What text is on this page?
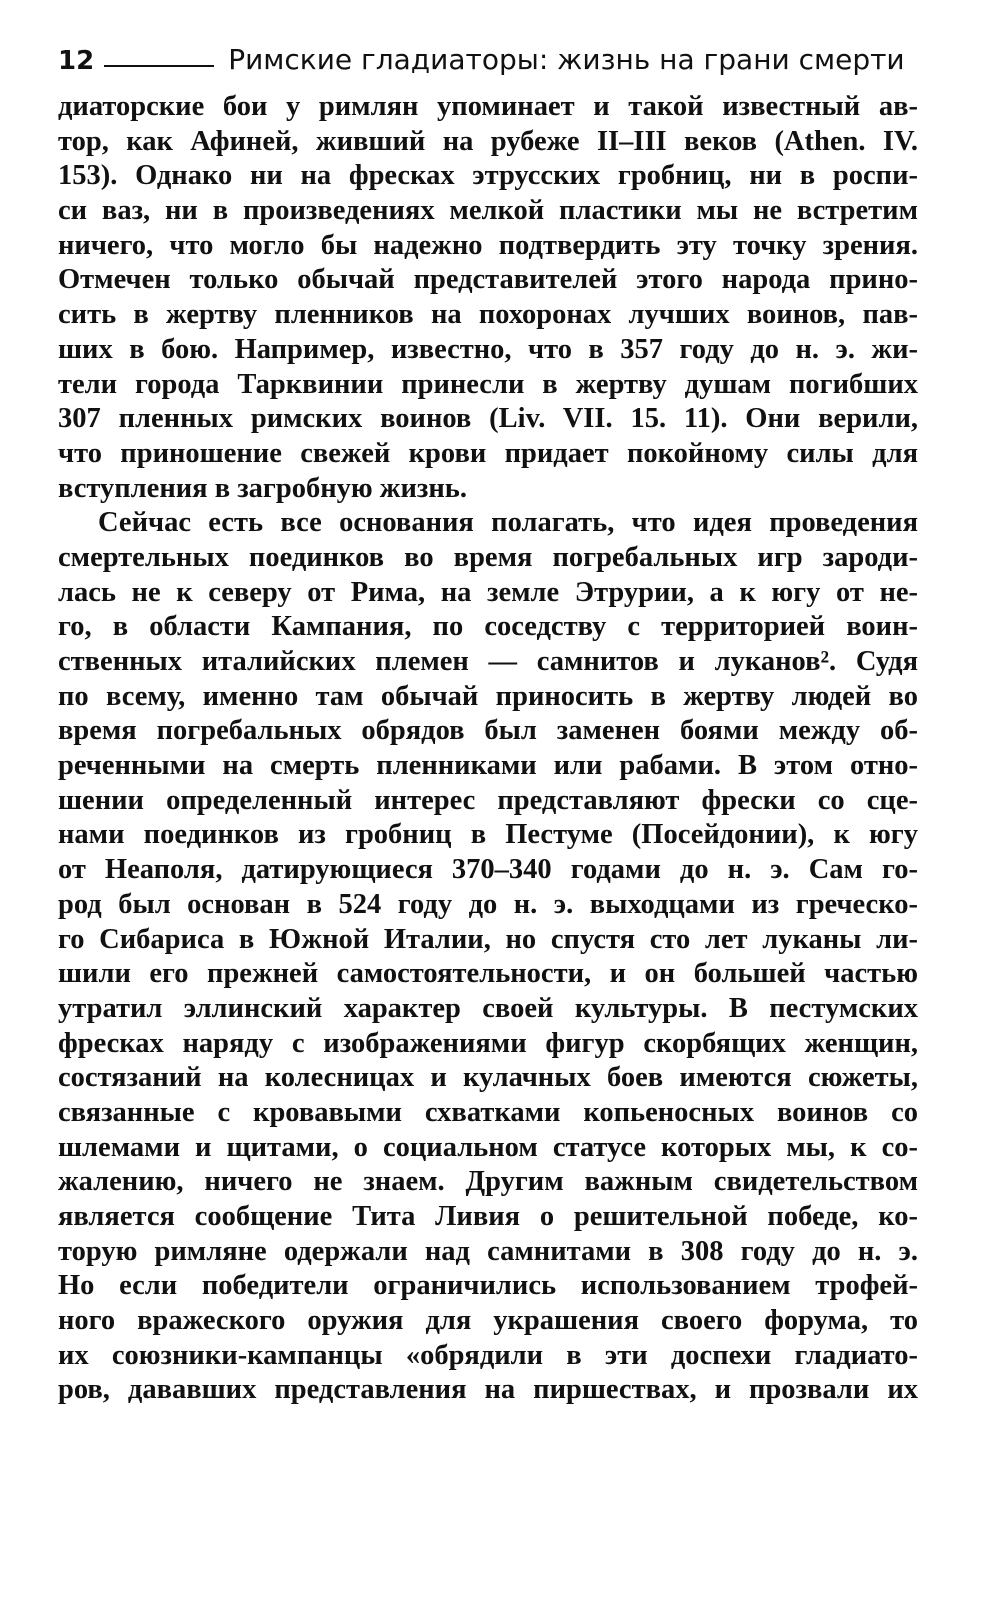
12	Римские гладиаторы: жизнь на грани смерти
диаторские бои у римлян упоминает и такой известный ав-
тор, как Афиней, живший на рубеже II–III веков (Athen. IV.
153). Однако ни на фресках этрусских гробниц, ни в роспи-
си ваз, ни в произведениях мелкой пластики мы не встретим
ничего, что могло бы надежно подтвердить эту точку зрения.
Отмечен только обычай представителей этого народа прино-
сить в жертву пленников на похоронах лучших воинов, пав-
ших в бою. Например, известно, что в 357 году до н. э. жи-
тели города Тарквинии принесли в жертву душам погибших
307 пленных римских воинов (Liv. VII. 15. 11). Они верили,
что приношение свежей крови придает покойному силы для
вступления в загробную жизнь.
Сейчас есть все основания полагать, что идея проведения
смертельных поединков во время погребальных игр зароди-
лась не к северу от Рима, на земле Этрурии, а к югу от не-
го, в области Кампания, по соседству с территорией воин-
ственных италийских племен — самнитов и луканов². Судя
по всему, именно там обычай приносить в жертву людей во
время погребальных обрядов был заменен боями между об-
реченными на смерть пленниками или рабами. В этом отно-
шении определенный интерес представляют фрески со сце-
нами поединков из гробниц в Пестуме (Посейдонии), к югу
от Неаполя, датирующиеся 370–340 годами до н. э. Сам го-
род был основан в 524 году до н. э. выходцами из греческо-
го Сибариса в Южной Италии, но спустя сто лет луканы ли-
шили его прежней самостоятельности, и он большей частью
утратил эллинский характер своей культуры. В пестумских
фресках наряду с изображениями фигур скорбящих женщин,
состязаний на колесницах и кулачных боев имеются сюжеты,
связанные с кровавыми схватками копьеносных воинов со
шлемами и щитами, о социальном статусе которых мы, к со-
жалению, ничего не знаем. Другим важным свидетельством
является сообщение Тита Ливия о решительной победе, ко-
торую римляне одержали над самнитами в 308 году до н. э.
Но если победители ограничились использованием трофей-
ного вражеского оружия для украшения своего форума, то
их союзники-кампанцы «обрядили в эти доспехи гладиато-
ров, дававших представления на пиршествах, и прозвали их
